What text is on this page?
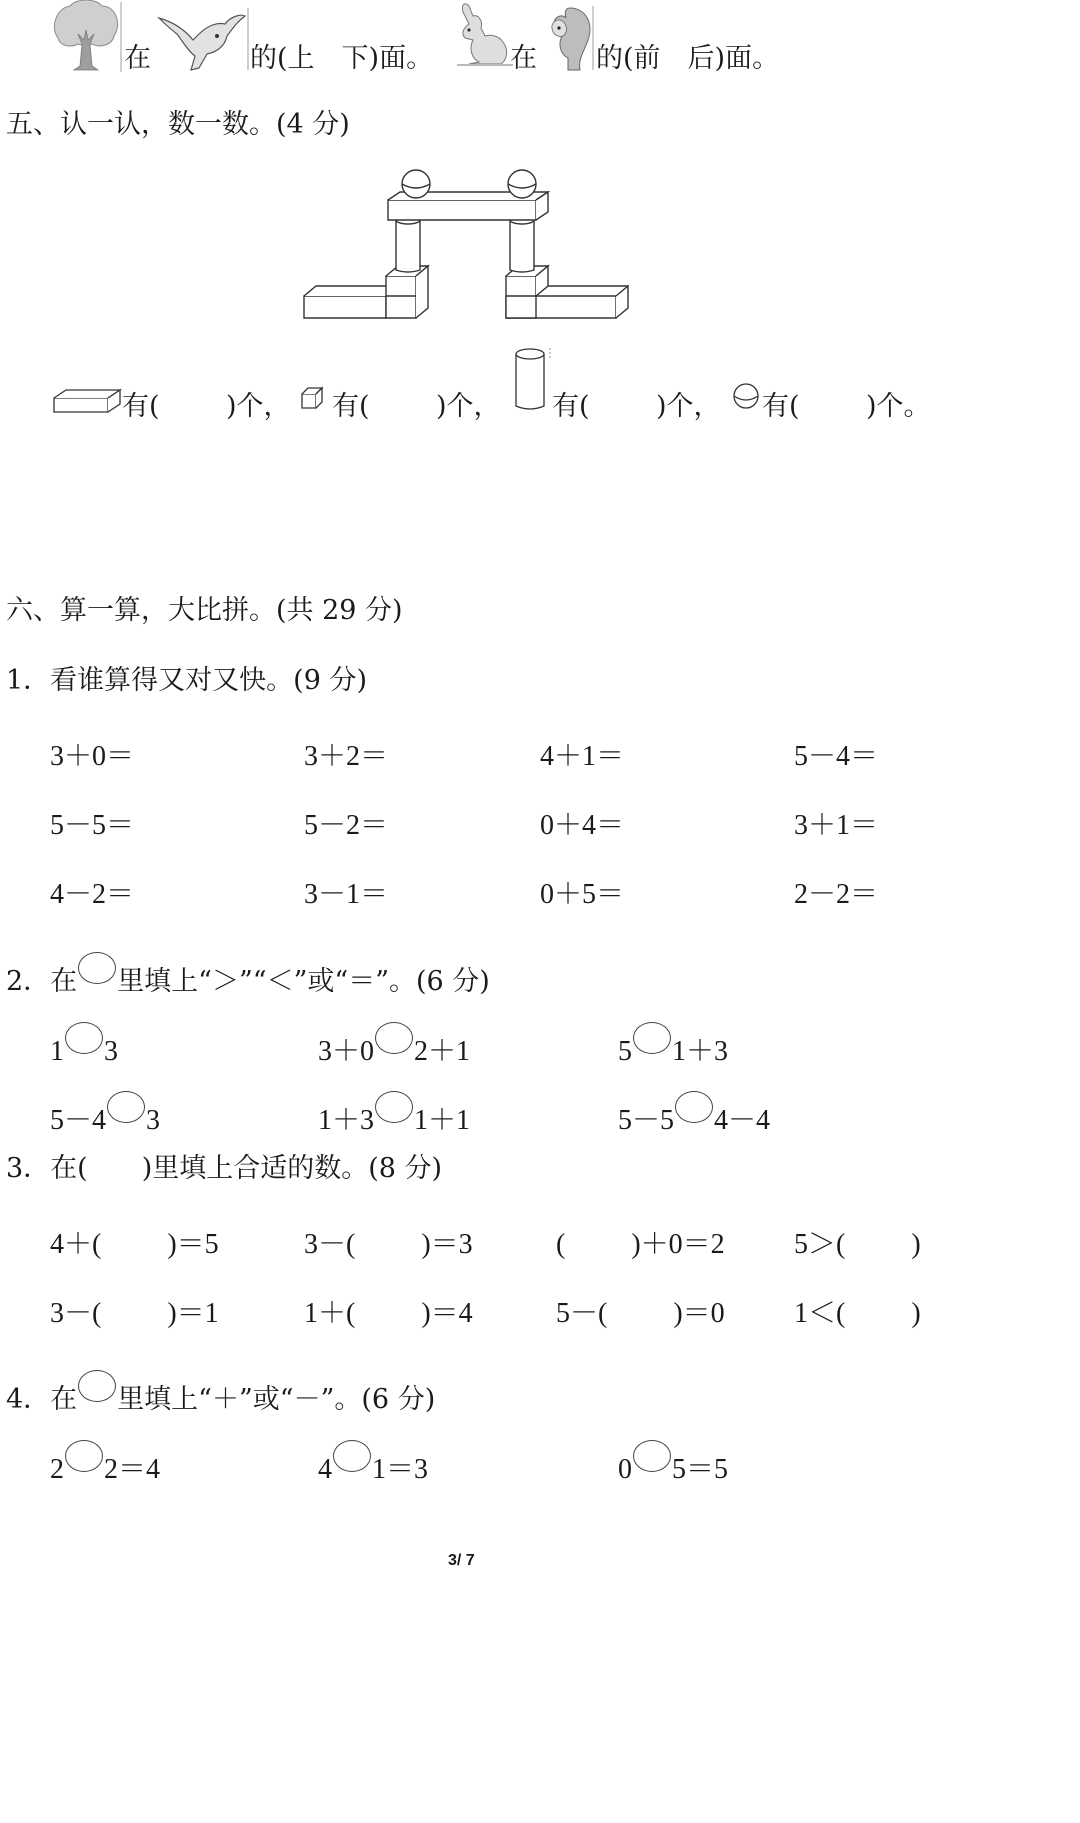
在	的(上　下)面。	在 的(前　后)面。
五、认一认，数一数。(4 分)
有( )个， 有( )个， 有( )个， 有( )个。
六、算一算，大比拼。(共 29 分)
1．看谁算得又对又快。(9 分)
3＋0＝	3＋2＝	4＋1＝	5－4＝
5－5＝	5－2＝	0＋4＝	3＋1＝
4－2＝	3－1＝	0＋5＝	2－2＝
2．在 里填上“＞”“＜”或“＝”。(6 分)
1 3	3＋0 2＋1	5 1＋3
5－4 3	1＋3 1＋1	5－5 4－4
3．在(　　)里填上合适的数。(8 分)
4＋( )＝5	3－( )＝3	( )＋0＝2 5＞( )
3－( )＝1	1＋( )＝4	5－( )＝0 1＜( )
4．在 里填上“＋”或“－”。(6 分)
2 2＝4	4 1＝3	0 5＝5
3/ 7
